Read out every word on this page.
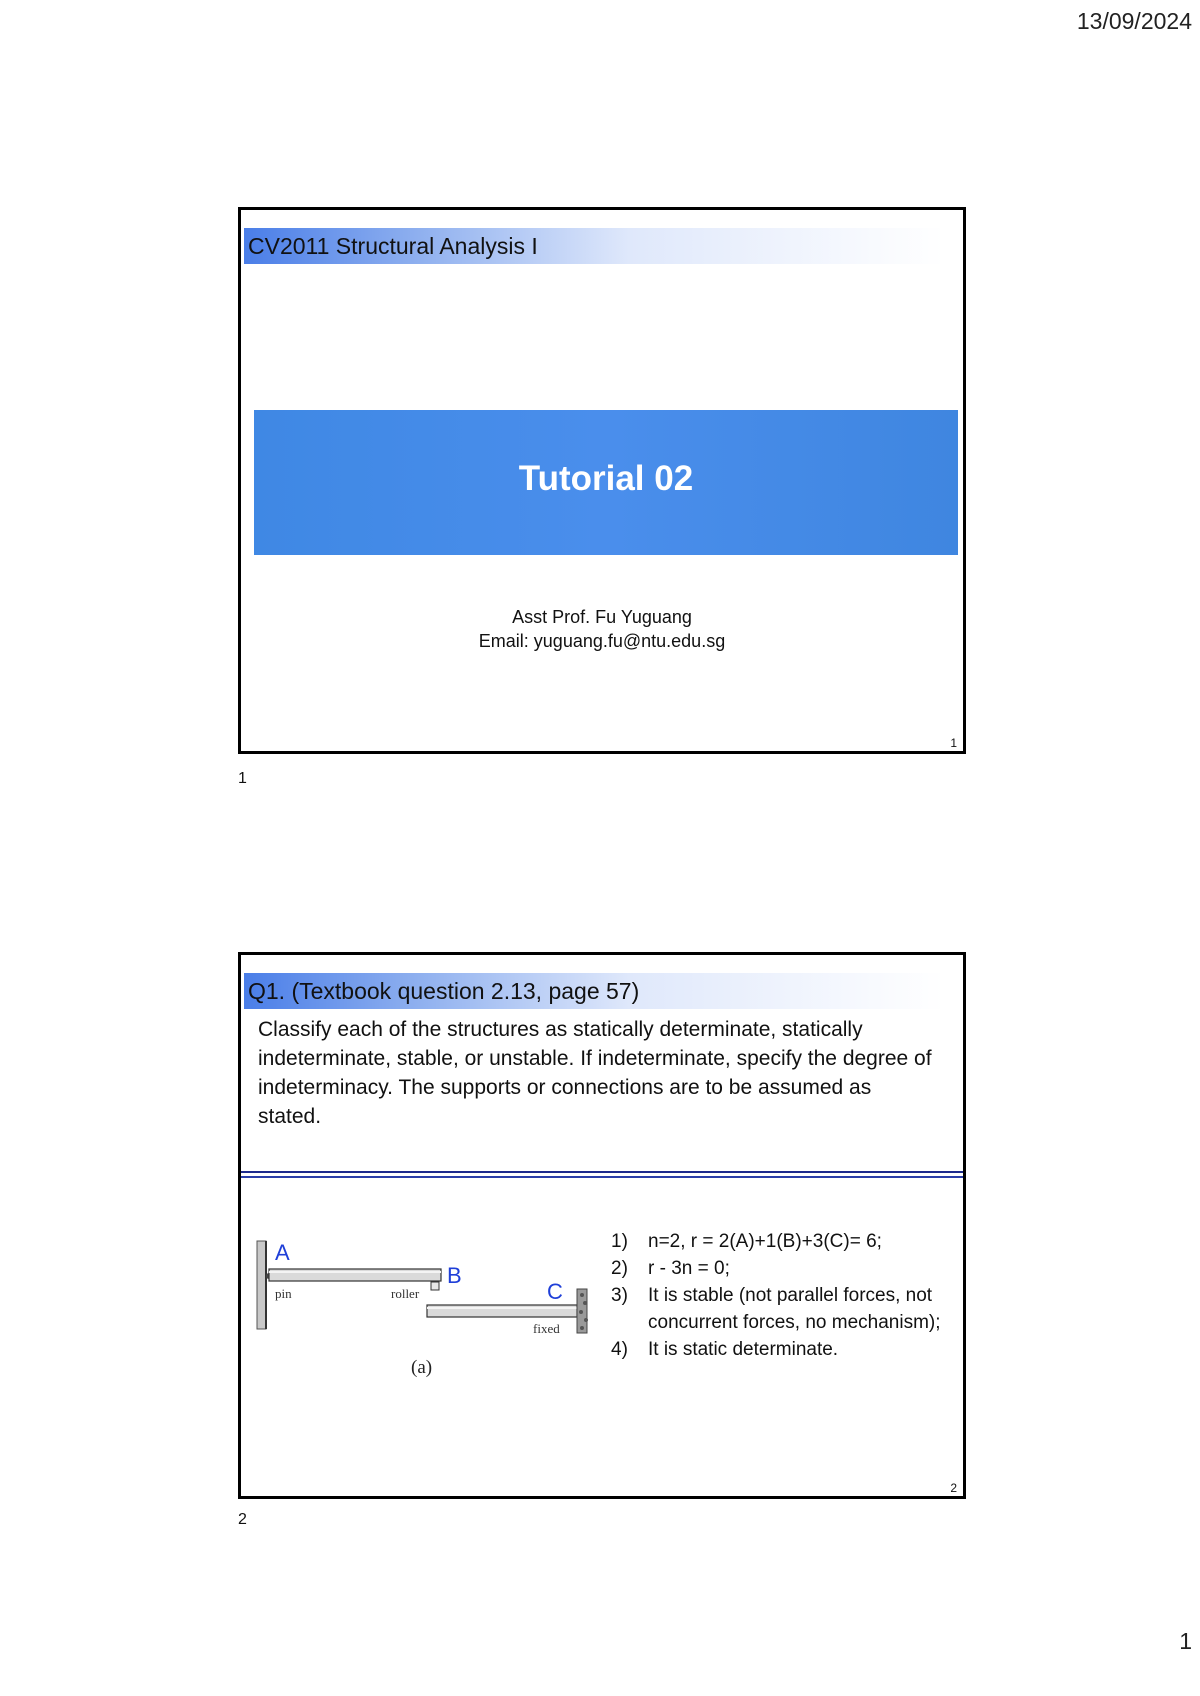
13/09/2024
CV2011 Structural Analysis I
Tutorial 02
Asst Prof. Fu Yuguang
Email: yuguang.fu@ntu.edu.sg
1
1
Q1. (Textbook question 2.13, page 57)
Classify each of the structures as statically determinate, statically indeterminate, stable, or unstable. If indeterminate, specify the degree of indeterminacy. The supports or connections are to be assumed as stated.
A
B
C
pin	roller
fixed
(a)
1)	n=2, r = 2(A)+1(B)+3(C)= 6;
2)	r - 3n = 0;
3)	It is stable (not parallel forces, not concurrent forces, no mechanism);
4)	It is static determinate.
2
2
1
